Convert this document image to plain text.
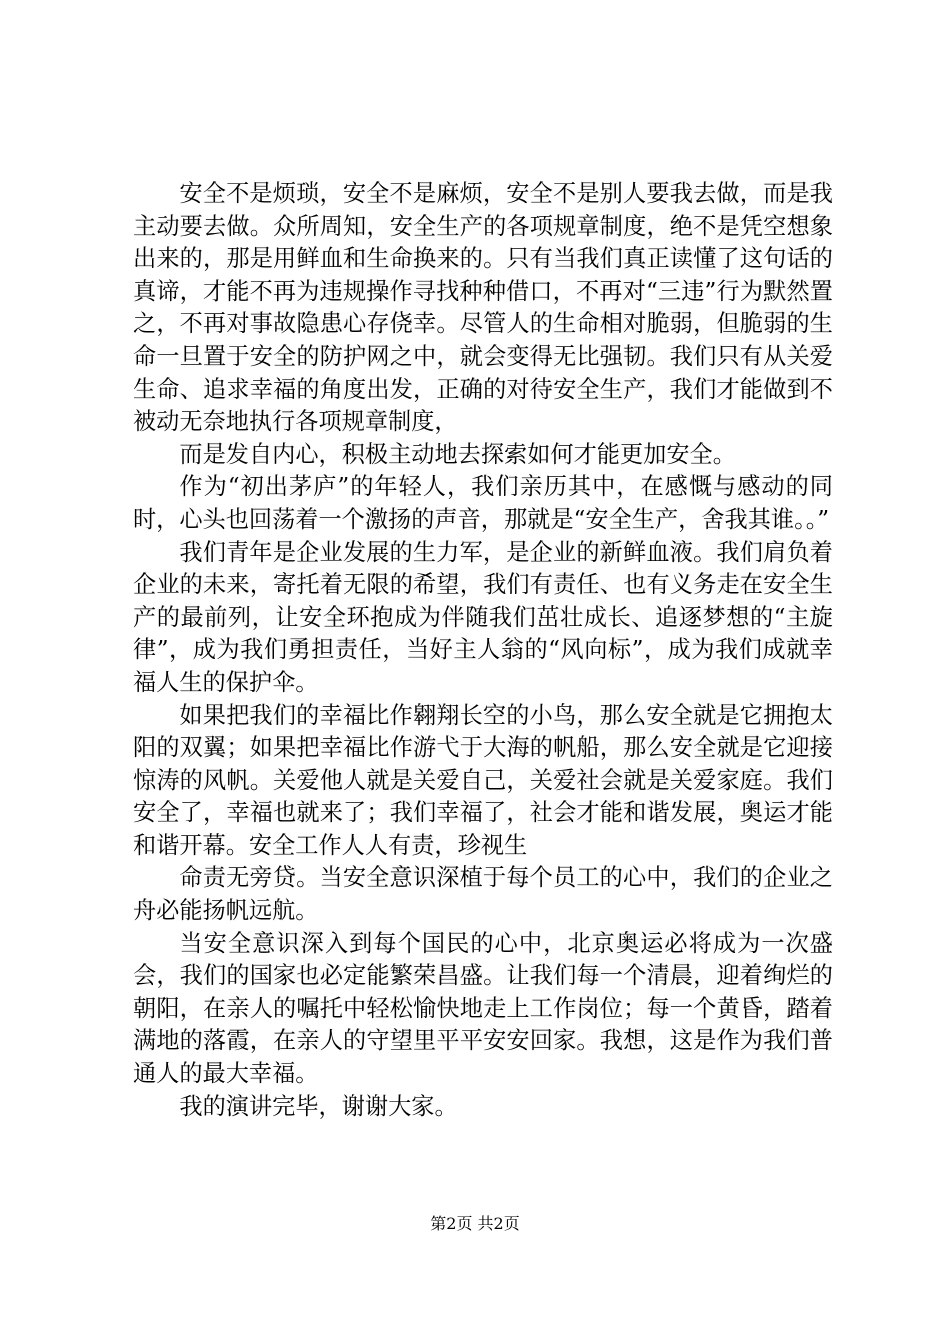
安全不是烦琐，安全不是麻烦，安全不是别人要我去做，而是我主动要去做。众所周知，安全生产的各项规章制度，绝不是凭空想象出来的，那是用鲜血和生命换来的。只有当我们真正读懂了这句话的真谛，才能不再为违规操作寻找种种借口，不再对“三违”行为默然置之，不再对事故隐患心存侥幸。尽管人的生命相对脆弱，但脆弱的生命一旦置于安全的防护网之中，就会变得无比强韧。我们只有从关爱生命、追求幸福的角度出发，正确的对待安全生产，我们才能做到不被动无奈地执行各项规章制度，

而是发自内心，积极主动地去探索如何才能更加安全。

作为“初出茅庐”的年轻人，我们亲历其中，在感慨与感动的同时，心头也回荡着一个激扬的声音，那就是“安全生产，舍我其谁。。”

我们青年是企业发展的生力军，是企业的新鲜血液。我们肩负着企业的未来，寄托着无限的希望，我们有责任、也有义务走在安全生产的最前列，让安全环抱成为伴随我们茁壮成长、追逐梦想的“主旋律”，成为我们勇担责任，当好主人翁的“风向标”，成为我们成就幸福人生的保护伞。

如果把我们的幸福比作翱翔长空的小鸟，那么安全就是它拥抱太阳的双翼；如果把幸福比作游弋于大海的帆船，那么安全就是它迎接惊涛的风帆。关爱他人就是关爱自己，关爱社会就是关爱家庭。我们安全了，幸福也就来了；我们幸福了，社会才能和谐发展，奥运才能和谐开幕。安全工作人人有责，珍视生

命责无旁贷。当安全意识深植于每个员工的心中，我们的企业之舟必能扬帆远航。

当安全意识深入到每个国民的心中，北京奥运必将成为一次盛会，我们的国家也必定能繁荣昌盛。让我们每一个清晨，迎着绚烂的朝阳，在亲人的嘱托中轻松愉快地走上工作岗位；每一个黄昏，踏着满地的落霞，在亲人的守望里平平安安回家。我想，这是作为我们普通人的最大幸福。

我的演讲完毕，谢谢大家。

第2页 共2页
